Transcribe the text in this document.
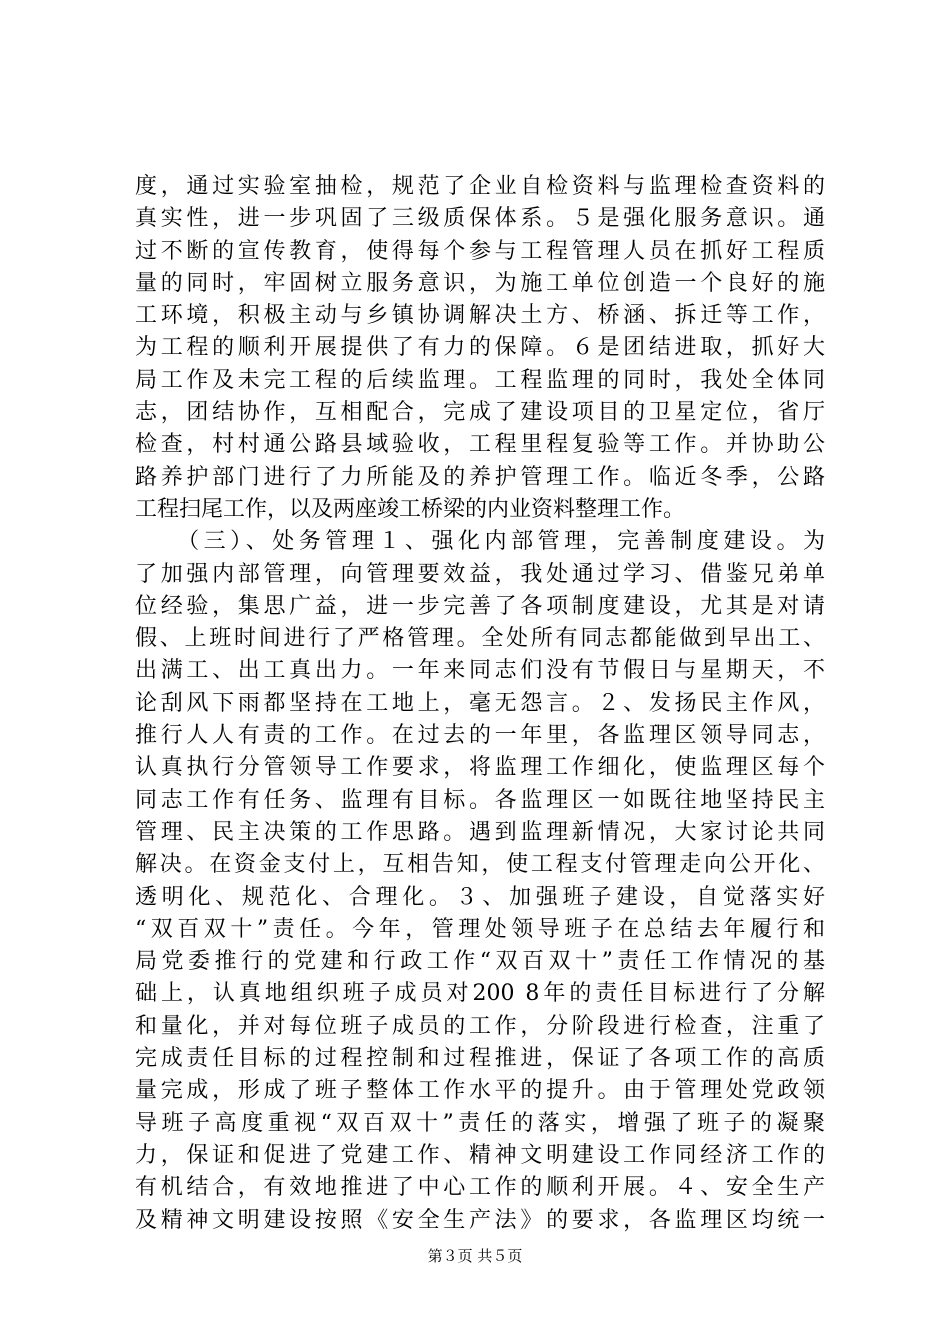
度，通过实验室抽检，规范了企业自检资料与监理检查资料的
真实性，进一步巩固了三级质保体系。５是强化服务意识。通
过不断的宣传教育，使得每个参与工程管理人员在抓好工程质
量的同时，牢固树立服务意识，为施工单位创造一个良好的施
工环境，积极主动与乡镇协调解决土方、桥涵、拆迁等工作，
为工程的顺利开展提供了有力的保障。６是团结进取，抓好大
局工作及未完工程的后续监理。工程监理的同时，我处全体同
志，团结协作，互相配合，完成了建设项目的卫星定位，省厅
检查，村村通公路县域验收，工程里程复验等工作。并协助公
路养护部门进行了力所能及的养护管理工作。临近冬季，公路
工程扫尾工作，以及两座竣工桥梁的内业资料整理工作。
　　（三）、处务管理１、强化内部管理，完善制度建设。为
了加强内部管理，向管理要效益，我处通过学习、借鉴兄弟单
位经验，集思广益，进一步完善了各项制度建设，尤其是对请
假、上班时间进行了严格管理。全处所有同志都能做到早出工、
出满工、出工真出力。一年来同志们没有节假日与星期天，不
论刮风下雨都坚持在工地上，毫无怨言。２、发扬民主作风，
推行人人有责的工作。在过去的一年里，各监理区领导同志，
认真执行分管领导工作要求，将监理工作细化，使监理区每个
同志工作有任务、监理有目标。各监理区一如既往地坚持民主
管理、民主决策的工作思路。遇到监理新情况，大家讨论共同
解决。在资金支付上，互相告知，使工程支付管理走向公开化、
透明化、规范化、合理化。３、加强班子建设，自觉落实好
“双百双十”责任。今年，管理处领导班子在总结去年履行和
局党委推行的党建和行政工作“双百双十”责任工作情况的基
础上，认真地组织班子成员对200 8年的责任目标进行了分解
和量化，并对每位班子成员的工作，分阶段进行检查，注重了
完成责任目标的过程控制和过程推进，保证了各项工作的高质
量完成，形成了班子整体工作水平的提升。由于管理处党政领
导班子高度重视“双百双十”责任的落实，增强了班子的凝聚
力，保证和促进了党建工作、精神文明建设工作同经济工作的
有机结合，有效地推进了中心工作的顺利开展。４、安全生产
及精神文明建设按照《安全生产法》的要求，各监理区均统一
第３页 共５页
